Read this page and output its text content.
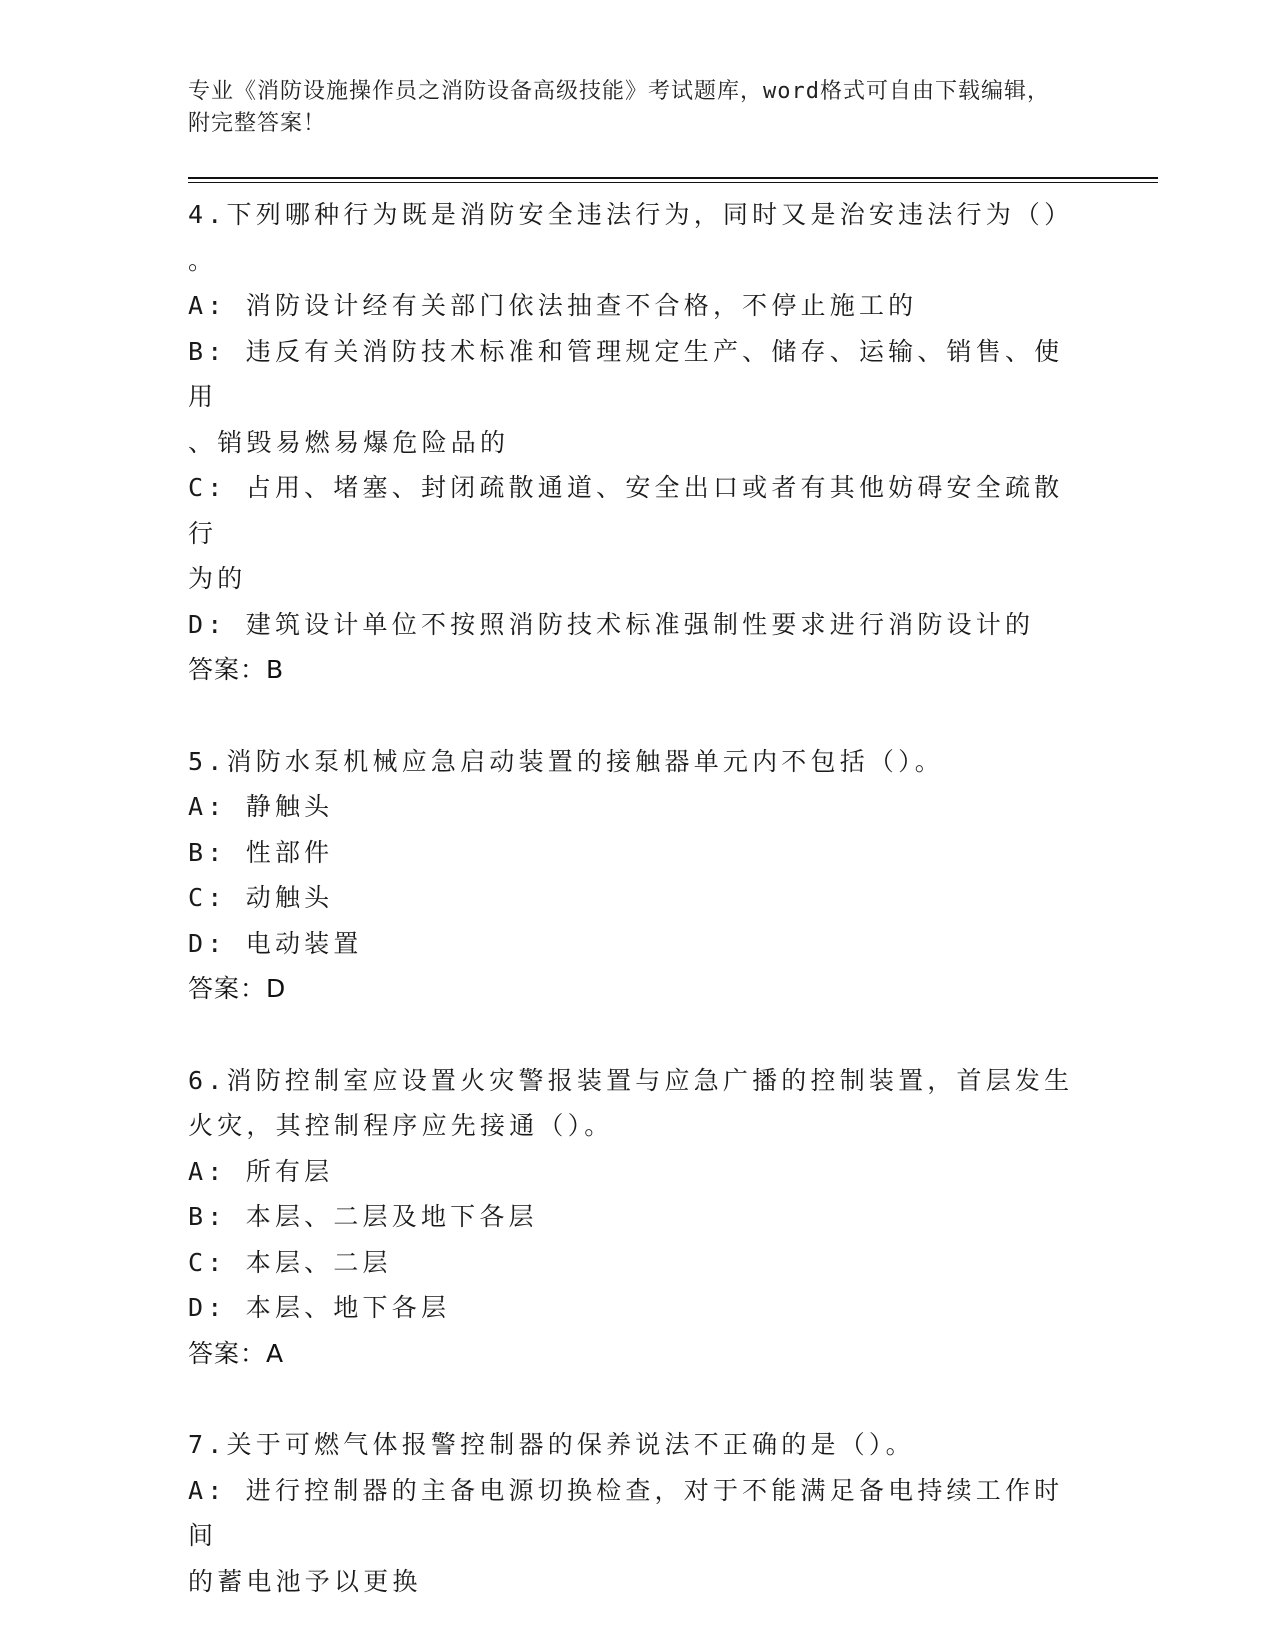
专业《消防设施操作员之消防设备高级技能》考试题库，word格式可自由下载编辑，附完整答案！
4.下列哪种行为既是消防安全违法行为，同时又是治安违法行为（）
。
A: 消防设计经有关部门依法抽查不合格，不停止施工的
B: 违反有关消防技术标准和管理规定生产、储存、运输、销售、使用
、销毁易燃易爆危险品的
C: 占用、堵塞、封闭疏散通道、安全出口或者有其他妨碍安全疏散行
为的
D: 建筑设计单位不按照消防技术标准强制性要求进行消防设计的
答案：B
5.消防水泵机械应急启动装置的接触器单元内不包括（）。
A: 静触头
B: 性部件
C: 动触头
D: 电动装置
答案：D
6.消防控制室应设置火灾警报装置与应急广播的控制装置，首层发生
火灾，其控制程序应先接通（）。
A: 所有层
B: 本层、二层及地下各层
C: 本层、二层
D: 本层、地下各层
答案：A
7.关于可燃气体报警控制器的保养说法不正确的是（）。
A: 进行控制器的主备电源切换检查，对于不能满足备电持续工作时间
的蓄电池予以更换
